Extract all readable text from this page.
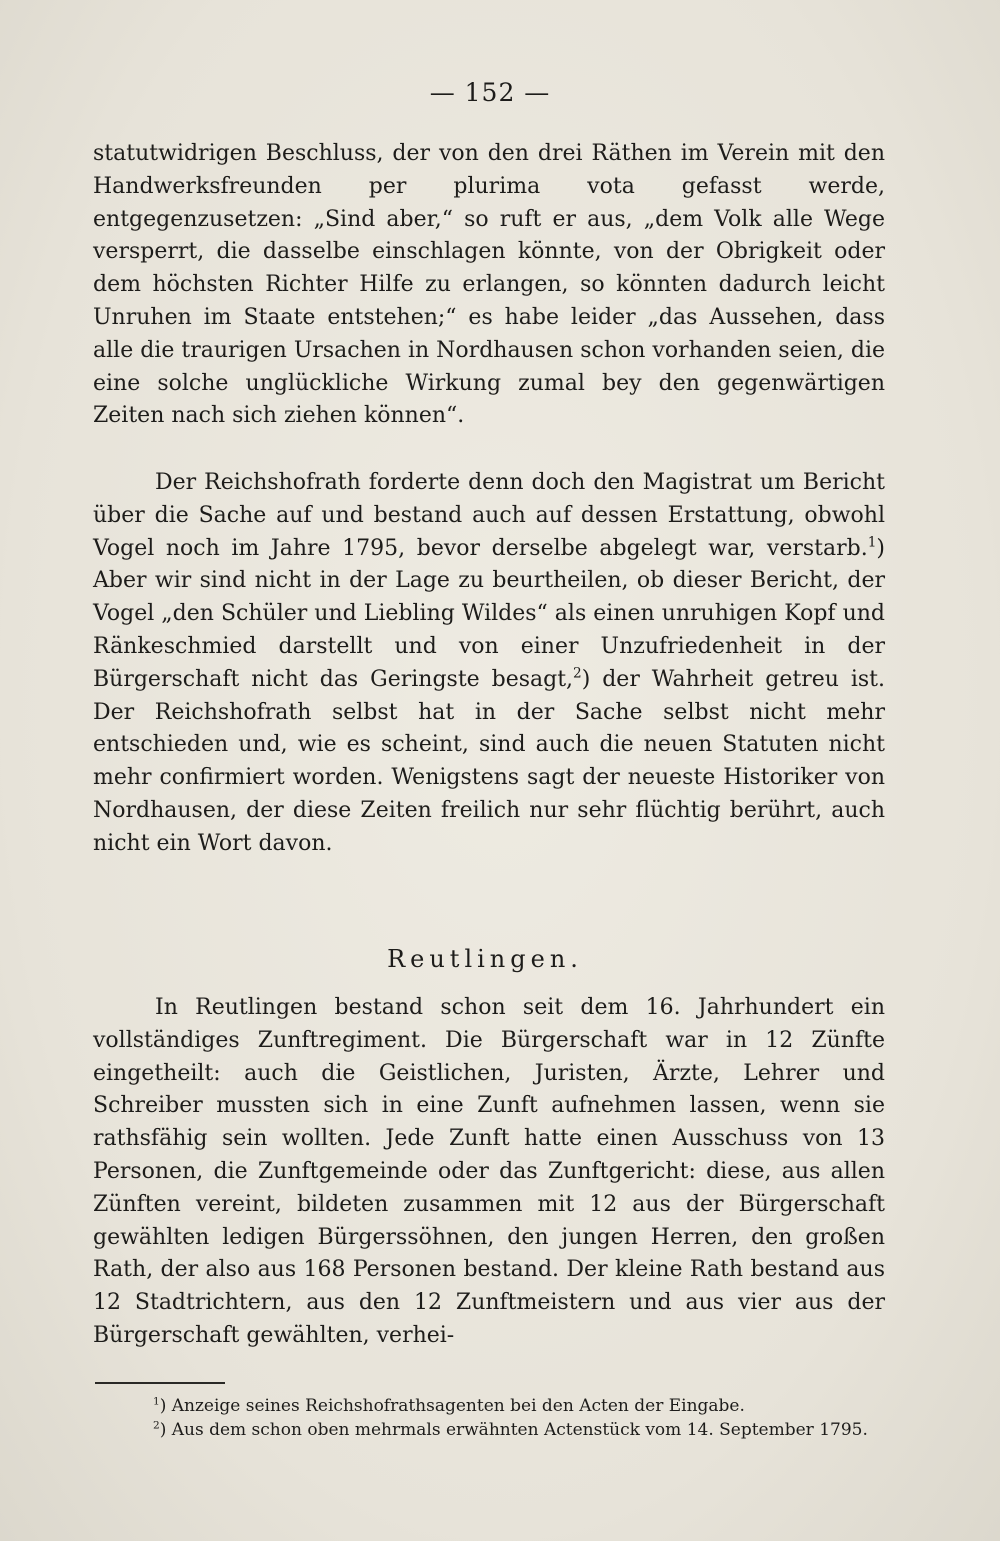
— 152 —

statutwidrigen Beschluss, der von den drei Räthen im Verein mit den Handwerksfreunden per plurima vota gefasst werde, entgegenzusetzen: „Sind aber,“ so ruft er aus, „dem Volk alle Wege versperrt, die dasselbe einschlagen könnte, von der Obrigkeit oder dem höchsten Richter Hilfe zu erlangen, so könnten dadurch leicht Unruhen im Staate entstehen;“ es habe leider „das Aussehen, dass alle die traurigen Ursachen in Nordhausen schon vorhanden seien, die eine solche unglückliche Wirkung zumal bey den gegenwärtigen Zeiten nach sich ziehen können“.

Der Reichshofrath forderte denn doch den Magistrat um Bericht über die Sache auf und bestand auch auf dessen Erstattung, obwohl Vogel noch im Jahre 1795, bevor derselbe abgelegt war, verstarb.$^1$) Aber wir sind nicht in der Lage zu beurtheilen, ob dieser Bericht, der Vogel „den Schüler und Liebling Wildes“ als einen unruhigen Kopf und Ränkeschmied darstellt und von einer Unzufriedenheit in der Bürgerschaft nicht das Geringste besagt,$^2$) der Wahrheit getreu ist. Der Reichshofrath selbst hat in der Sache selbst nicht mehr entschieden und, wie es scheint, sind auch die neuen Statuten nicht mehr confirmiert worden. Wenigstens sagt der neueste Historiker von Nordhausen, der diese Zeiten freilich nur sehr flüchtig berührt, auch nicht ein Wort davon.

Reutlingen.

In Reutlingen bestand schon seit dem 16. Jahrhundert ein vollständiges Zunftregiment. Die Bürgerschaft war in 12 Zünfte eingetheilt: auch die Geistlichen, Juristen, Ärzte, Lehrer und Schreiber mussten sich in eine Zunft aufnehmen lassen, wenn sie rathsfähig sein wollten. Jede Zunft hatte einen Ausschuss von 13 Personen, die Zunftgemeinde oder das Zunftgericht: diese, aus allen Zünften vereint, bildeten zusammen mit 12 aus der Bürgerschaft gewählten ledigen Bürgerssöhnen, den jungen Herren, den großen Rath, der also aus 168 Personen bestand. Der kleine Rath bestand aus 12 Stadtrichtern, aus den 12 Zunftmeistern und aus vier aus der Bürgerschaft gewählten, verhei-

$^1$) Anzeige seines Reichshofrathsagenten bei den Acten der Eingabe.

$^2$) Aus dem schon oben mehrmals erwähnten Actenstück vom 14. September 1795.
